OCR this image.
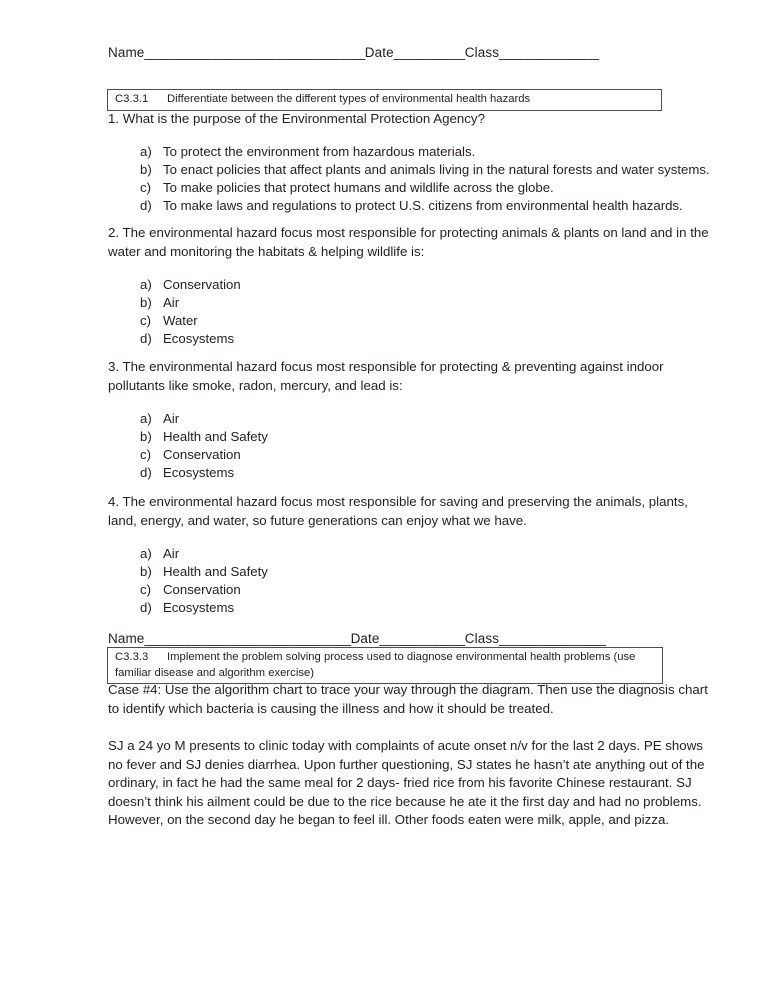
Name_______________________________Date__________Class______________
C3.3.1 Differentiate between the different types of environmental health hazards
1. What is the purpose of the Environmental Protection Agency?
a) To protect the environment from hazardous materials.
b) To enact policies that affect plants and animals living in the natural forests and water systems.
c) To make policies that protect humans and wildlife across the globe.
d) To make laws and regulations to protect U.S. citizens from environmental health hazards.
2. The environmental hazard focus most responsible for protecting animals & plants on land and in the water and monitoring the habitats & helping wildlife is:
a) Conservation
b) Air
c) Water
d) Ecosystems
3. The environmental hazard focus most responsible for protecting & preventing against indoor pollutants like smoke, radon, mercury, and lead is:
a) Air
b) Health and Safety
c) Conservation
d) Ecosystems
4. The environmental hazard focus most responsible for saving and preserving the animals, plants, land, energy, and water, so future generations can enjoy what we have.
a) Air
b) Health and Safety
c) Conservation
d) Ecosystems
Name_____________________________Date____________Class_______________
C3.3.3 Implement the problem solving process used to diagnose environmental health problems (use familiar disease and algorithm exercise)
Case #4: Use the algorithm chart to trace your way through the diagram. Then use the diagnosis chart to identify which bacteria is causing the illness and how it should be treated.
SJ a 24 yo M presents to clinic today with complaints of acute onset n/v for the last 2 days. PE shows no fever and SJ denies diarrhea. Upon further questioning, SJ states he hasn’t ate anything out of the ordinary, in fact he had the same meal for 2 days- fried rice from his favorite Chinese restaurant. SJ doesn’t think his ailment could be due to the rice because he ate it the first day and had no problems. However, on the second day he began to feel ill. Other foods eaten were milk, apple, and pizza.
